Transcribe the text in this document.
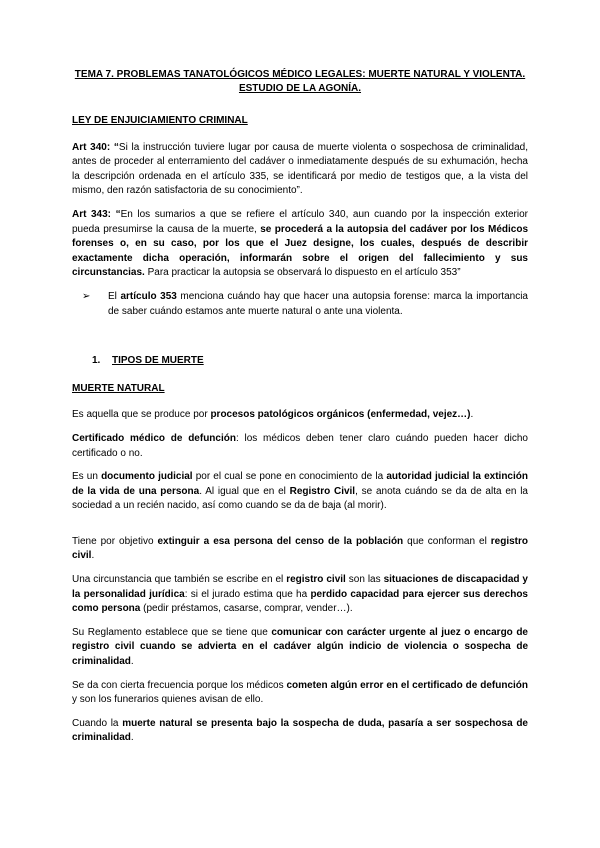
TEMA 7. PROBLEMAS TANATOLÓGICOS MÉDICO LEGALES: MUERTE NATURAL Y VIOLENTA. ESTUDIO DE LA AGONÍA.
LEY DE ENJUICIAMIENTO CRIMINAL

Art 340: “Si la instrucción tuviere lugar por causa de muerte violenta o sospechosa de criminalidad, antes de proceder al enterramiento del cadáver o inmediatamente después de su exhumación, hecha la descripción ordenada en el artículo 335, se identificará por medio de testigos que, a la vista del mismo, den razón satisfactoria de su conocimiento”.

Art 343: “En los sumarios a que se refiere el artículo 340, aun cuando por la inspección exterior pueda presumirse la causa de la muerte, se procederá a la autopsia del cadáver por los Médicos forenses o, en su caso, por los que el Juez designe, los cuales, después de describir exactamente dicha operación, informarán sobre el origen del fallecimiento y sus circunstancias. Para practicar la autopsia se observará lo dispuesto en el artículo 353”

➢	El artículo 353 menciona cuándo hay que hacer una autopsia forense: marca la importancia de saber cuándo estamos ante muerte natural o ante una violenta.
1.	TIPOS DE MUERTE
MUERTE NATURAL

Es aquella que se produce por procesos patológicos orgánicos (enfermedad, vejez…).

Certificado médico de defunción: los médicos deben tener claro cuándo pueden hacer dicho certificado o no.

Es un documento judicial por el cual se pone en conocimiento de la autoridad judicial la extinción de la vida de una persona. Al igual que en el Registro Civil, se anota cuándo se da de alta en la sociedad a un recién nacido, así como cuando se da de baja (al morir).

Tiene por objetivo extinguir a esa persona del censo de la población que conforman el registro civil.

Una circunstancia que también se escribe en el registro civil son las situaciones de discapacidad y la personalidad jurídica: si el jurado estima que ha perdido capacidad para ejercer sus derechos como persona (pedir préstamos, casarse, comprar, vender…).

Su Reglamento establece que se tiene que comunicar con carácter urgente al juez o encargo de registro civil cuando se advierta en el cadáver algún indicio de violencia o sospecha de criminalidad.

Se da con cierta frecuencia porque los médicos cometen algún error en el certificado de defunción y son los funerarios quienes avisan de ello.

Cuando la muerte natural se presenta bajo la sospecha de duda, pasaría a ser sospechosa de criminalidad.
